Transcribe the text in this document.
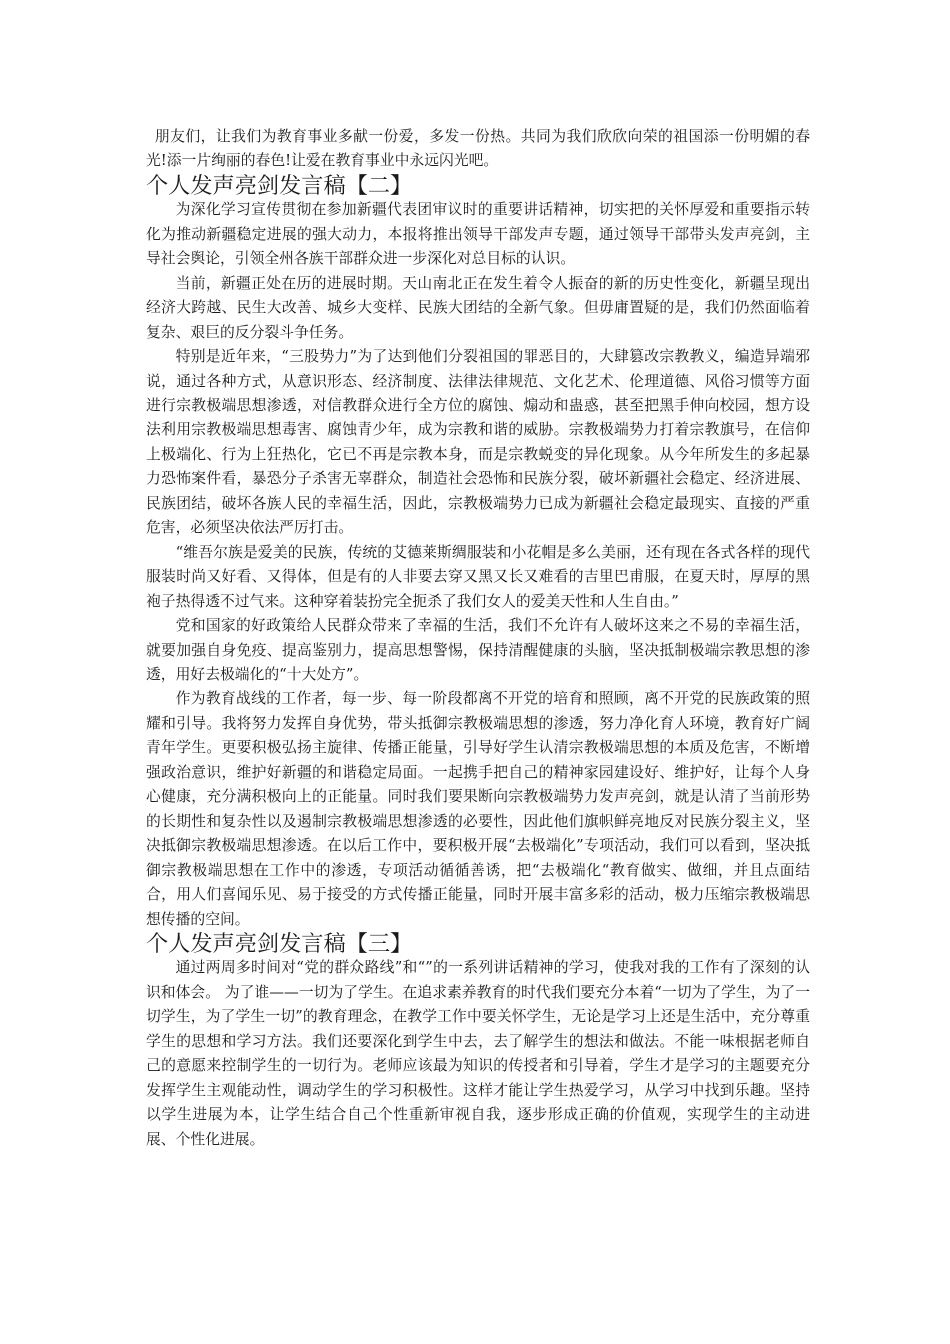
朋友们，让我们为教育事业多献一份爱，多发一份热。共同为我们欣欣向荣的祖国添一份明媚的春光!添一片绚丽的春色!让爱在教育事业中永远闪光吧。

个人发声亮剑发言稿【二】

为深化学习宣传贯彻在参加新疆代表团审议时的重要讲话精神，切实把的关怀厚爱和重要指示转化为推动新疆稳定进展的强大动力，本报将推出领导干部发声专题，通过领导干部带头发声亮剑，主导社会舆论，引领全州各族干部群众进一步深化对总目标的认识。

当前，新疆正处在历的进展时期。天山南北正在发生着令人振奋的新的历史性变化，新疆呈现出经济大跨越、民生大改善、城乡大变样、民族大团结的全新气象。但毋庸置疑的是，我们仍然面临着复杂、艰巨的反分裂斗争任务。

特别是近年来，“三股势力”为了达到他们分裂祖国的罪恶目的，大肆篡改宗教教义，编造异端邪说，通过各种方式，从意识形态、经济制度、法律法律规范、文化艺术、伦理道德、风俗习惯等方面进行宗教极端思想渗透，对信教群众进行全方位的腐蚀、煽动和蛊惑，甚至把黑手伸向校园，想方设法利用宗教极端思想毒害、腐蚀青少年，成为宗教和谐的威胁。宗教极端势力打着宗教旗号，在信仰上极端化、行为上狂热化，它已不再是宗教本身，而是宗教蜕变的异化现象。从今年所发生的多起暴力恐怖案件看，暴恐分子杀害无辜群众，制造社会恐怖和民族分裂，破坏新疆社会稳定、经济进展、民族团结，破坏各族人民的幸福生活，因此，宗教极端势力已成为新疆社会稳定最现实、直接的严重危害，必须坚决依法严厉打击。

“维吾尔族是爱美的民族，传统的艾德莱斯绸服装和小花帽是多么美丽，还有现在各式各样的现代服装时尚又好看、又得体，但是有的人非要去穿又黑又长又难看的吉里巴甫服，在夏天时，厚厚的黑袍子热得透不过气来。这种穿着装扮完全扼杀了我们女人的爱美天性和人生自由。”

党和国家的好政策给人民群众带来了幸福的生活，我们不允许有人破坏这来之不易的幸福生活，就要加强自身免疫、提高鉴别力，提高思想警惕，保持清醒健康的头脑，坚决抵制极端宗教思想的渗透，用好去极端化的“十大处方”。

作为教育战线的工作者，每一步、每一阶段都离不开党的培育和照顾，离不开党的民族政策的照耀和引导。我将努力发挥自身优势，带头抵御宗教极端思想的渗透，努力净化育人环境，教育好广阔青年学生。更要积极弘扬主旋律、传播正能量，引导好学生认清宗教极端思想的本质及危害，不断增强政治意识，维护好新疆的和谐稳定局面。一起携手把自己的精神家园建设好、维护好，让每个人身心健康，充分满积极向上的正能量。同时我们要果断向宗教极端势力发声亮剑，就是认清了当前形势的长期性和复杂性以及遏制宗教极端思想渗透的必要性，因此他们旗帜鲜亮地反对民族分裂主义，坚决抵御宗教极端思想渗透。在以后工作中，要积极开展“去极端化”专项活动，我们可以看到，坚决抵御宗教极端思想在工作中的渗透，专项活动循循善诱，把“去极端化“教育做实、做细，并且点面结合，用人们喜闻乐见、易于接受的方式传播正能量，同时开展丰富多彩的活动，极力压缩宗教极端思想传播的空间。

个人发声亮剑发言稿【三】

通过两周多时间对“党的群众路线”和“”的一系列讲话精神的学习，使我对我的工作有了深刻的认识和体会。 为了谁——一切为了学生。在追求素养教育的时代我们要充分本着“一切为了学生，为了一切学生，为了学生一切”的教育理念，在教学工作中要关怀学生，无论是学习上还是生活中，充分尊重学生的思想和学习方法。我们还要深化到学生中去，去了解学生的想法和做法。不能一味根据老师自己的意愿来控制学生的一切行为。老师应该最为知识的传授者和引导着，学生才是学习的主题要充分发挥学生主观能动性，调动学生的学习积极性。这样才能让学生热爱学习，从学习中找到乐趣。坚持以学生进展为本，让学生结合自己个性重新审视自我，逐步形成正确的价值观，实现学生的主动进展、个性化进展。
